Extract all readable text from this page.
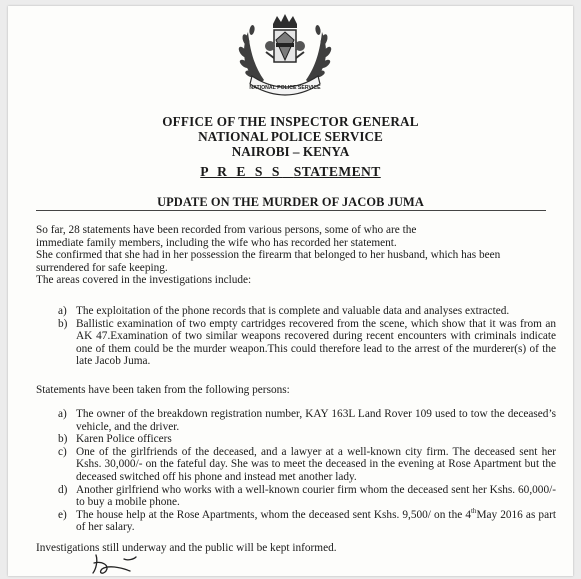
NATIONAL POLICE SERVICE
OFFICE OF THE INSPECTOR GENERAL
NATIONAL POLICE SERVICE
NAIROBI – KENYA
P R E S S STATEMENT
UPDATE ON THE MURDER OF JACOB JUMA
So far, 28 statements have been recorded from various persons, some of who are the
immediate family members, including the wife who has recorded her statement.
She confirmed that she had in her possession the firearm that belonged to her husband, which has been
surrendered for safe keeping.
The areas covered in the investigations include:
a) The exploitation of the phone records that is complete and valuable data and analyses extracted.
b) Ballistic examination of two empty cartridges recovered from the scene, which show that it was from an AK 47.Examination of two similar weapons recovered during recent encounters with criminals indicate one of them could be the murder weapon.This could therefore lead to the arrest of the murderer(s) of the late Jacob Juma.
Statements have been taken from the following persons:
a) The owner of the breakdown registration number, KAY 163L Land Rover 109 used to tow the deceased’s vehicle, and the driver.
b) Karen Police officers
c) One of the girlfriends of the deceased, and a lawyer at a well-known city firm. The deceased sent her Kshs. 30,000/- on the fateful day. She was to meet the deceased in the evening at Rose Apartment but the deceased switched off his phone and instead met another lady.
d) Another girlfriend who works with a well-known courier firm whom the deceased sent her Kshs. 60,000/- to buy a mobile phone.
e) The house help at the Rose Apartments, whom the deceased sent Kshs. 9,500/ on the 4thMay 2016 as part of her salary.
Investigations still underway and the public will be kept informed.
